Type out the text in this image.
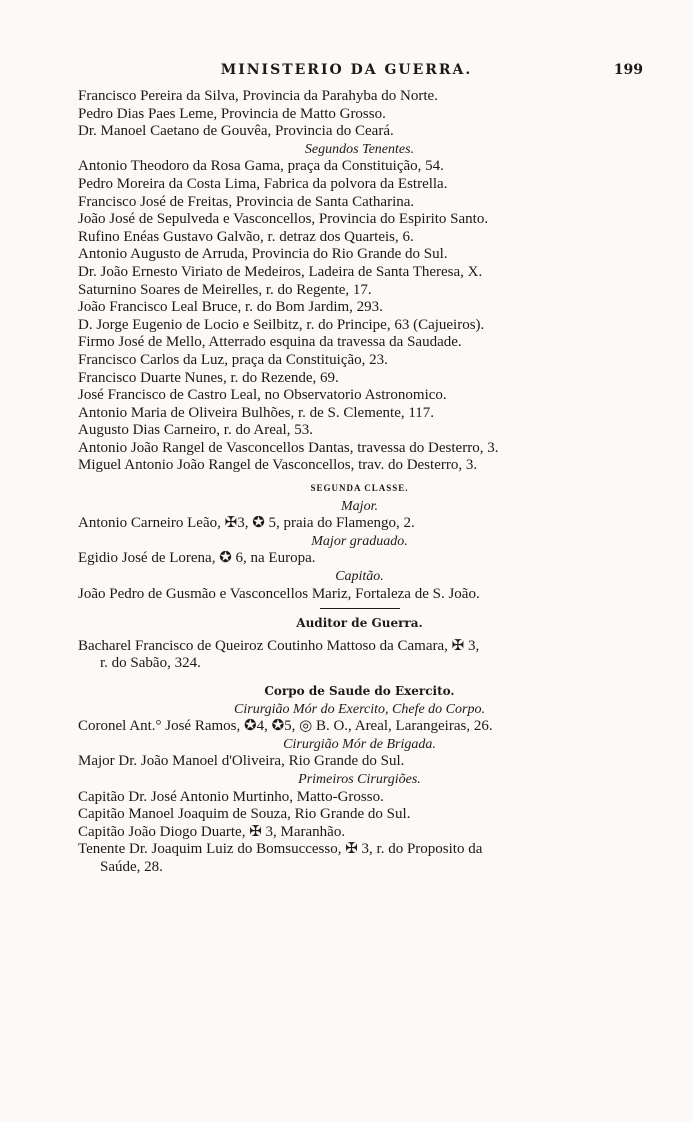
MINISTERIO DA GUERRA.	199
Francisco Pereira da Silva, Provincia da Parahyba do Norte.
Pedro Dias Paes Leme, Provincia de Matto Grosso.
Dr. Manoel Caetano de Gouvêa, Provincia do Ceará.
Segundos Tenentes.
Antonio Theodoro da Rosa Gama, praça da Constituição, 54.
Pedro Moreira da Costa Lima, Fabrica da polvora da Estrella.
Francisco José de Freitas, Provincia de Santa Catharina.
João José de Sepulveda e Vasconcellos, Provincia do Espirito Santo.
Rufino Enéas Gustavo Galvão, r. detraz dos Quarteis, 6.
Antonio Augusto de Arruda, Provincia do Rio Grande do Sul.
Dr. João Ernesto Viriato de Medeiros, Ladeira de Santa Theresa, X.
Saturnino Soares de Meirelles, r. do Regente, 17.
João Francisco Leal Bruce, r. do Bom Jardim, 293.
D. Jorge Eugenio de Locio e Seilbitz, r. do Principe, 63 (Cajueiros).
Firmo José de Mello, Atterrado esquina da travessa da Saudade.
Francisco Carlos da Luz, praça da Constituição, 23.
Francisco Duarte Nunes, r. do Rezende, 69.
José Francisco de Castro Leal, no Observatorio Astronomico.
Antonio Maria de Oliveira Bulhões, r. de S. Clemente, 117.
Augusto Dias Carneiro, r. do Areal, 53.
Antonio João Rangel de Vasconcellos Dantas, travessa do Desterro, 3.
Miguel Antonio João Rangel de Vasconcellos, trav. do Desterro, 3.
SEGUNDA CLASSE.
Major.
Antonio Carneiro Leão, ✠3, ✪ 5, praia do Flamengo, 2.
Major graduado.
Egidio José de Lorena, ✪ 6, na Europa.
Capitão.
João Pedro de Gusmão e Vasconcellos Mariz, Fortaleza de S. João.
Auditor de Guerra.
Bacharel Francisco de Queiroz Coutinho Mattoso da Camara, ✠ 3,
r. do Sabão, 324.
Corpo de Saude do Exercito.
Cirurgião Mór do Exercito, Chefe do Corpo.
Coronel Ant.° José Ramos, ✪4, ✪5, ◎ B. O., Areal, Larangeiras, 26.
Cirurgião Mór de Brigada.
Major Dr. João Manoel d'Oliveira, Rio Grande do Sul.
Primeiros Cirurgiões.
Capitão Dr. José Antonio Murtinho, Matto-Grosso.
Capitão Manoel Joaquim de Souza, Rio Grande do Sul.
Capitão João Diogo Duarte, ✠ 3, Maranhão.
Tenente Dr. Joaquim Luiz do Bomsuccesso, ✠ 3, r. do Proposito da
Saúde, 28.
